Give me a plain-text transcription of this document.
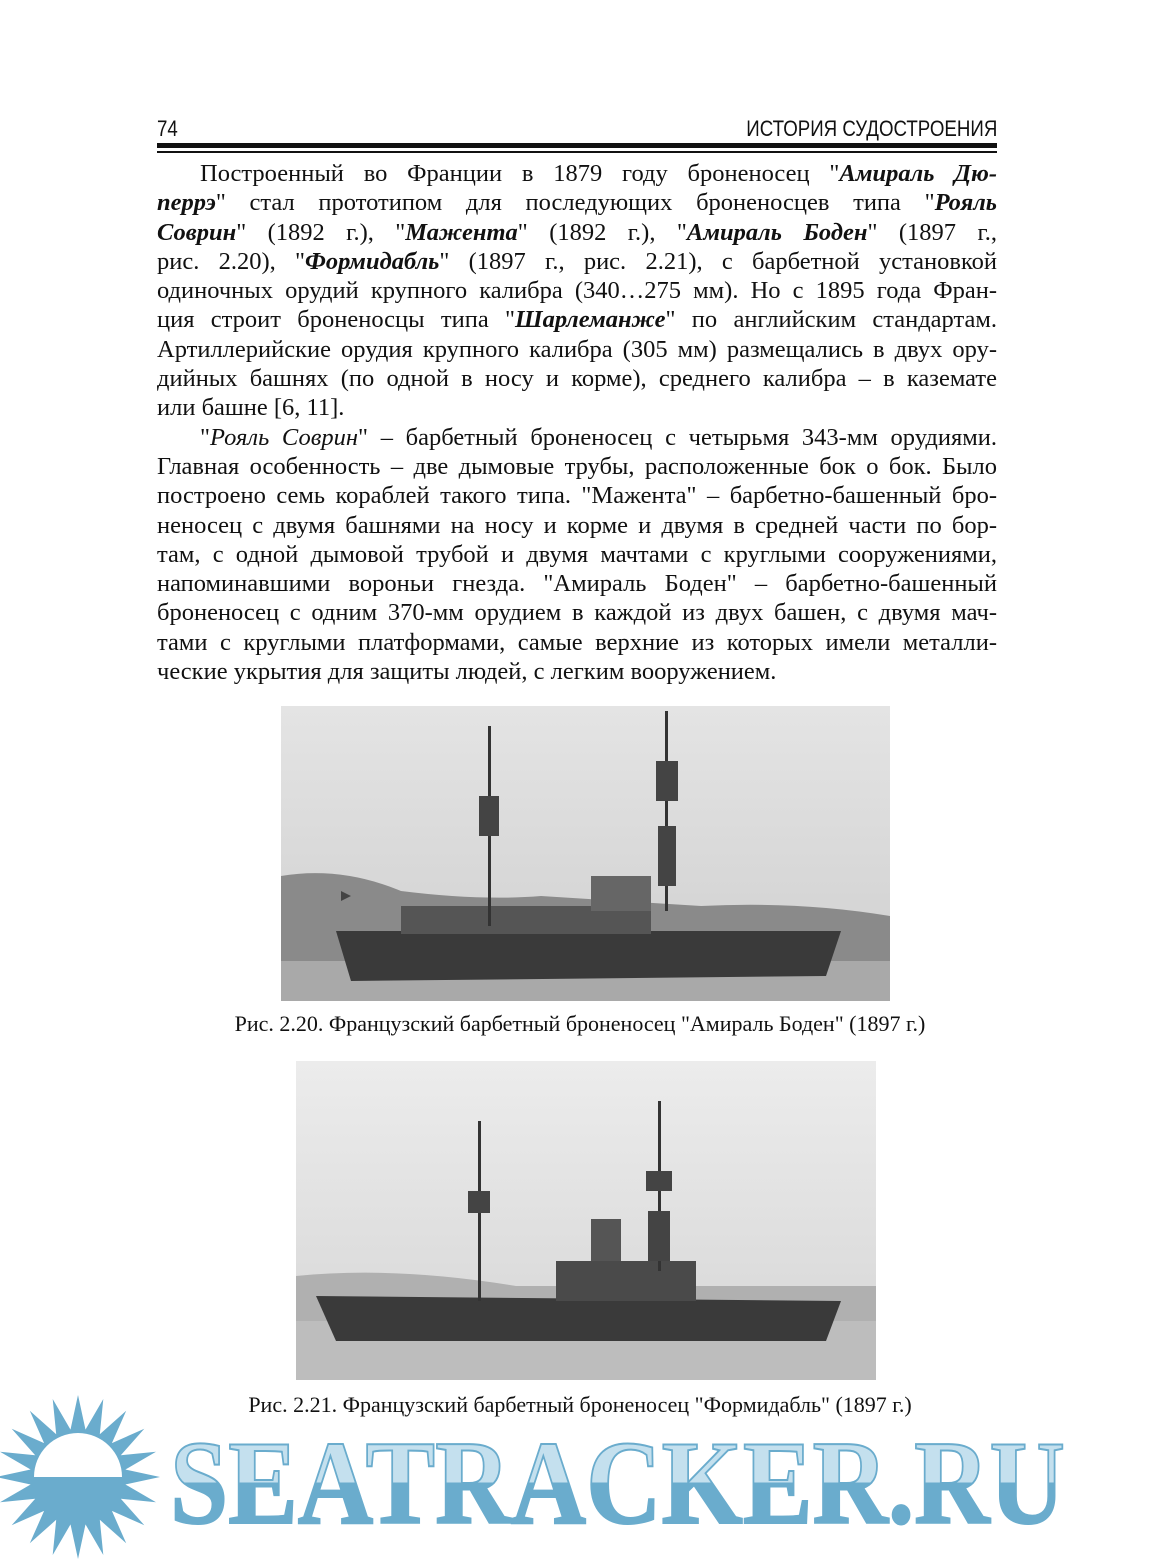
74	ИСТОРИЯ СУДОСТРОЕНИЯ
Построенный во Франции в 1879 году броненосец "Амираль Дю-
перрэ" стал прототипом для последующих броненосцев типа "Рояль
Соврин" (1892 г.), "Мажента" (1892 г.), "Амираль Боден" (1897 г.,
рис. 2.20), "Формидабль" (1897 г., рис. 2.21), с барбетной установкой
одиночных орудий крупного калибра (340…275 мм). Но с 1895 года Фран-
ция строит броненосцы типа "Шарлеманже" по английским стандартам.
Артиллерийские орудия крупного калибра (305 мм) размещались в двух ору-
дийных башнях (по одной в носу и корме), среднего калибра – в каземате
или башне [6, 11].
"Рояль Соврин" – барбетный броненосец с четырьмя 343-мм орудиями.
Главная особенность – две дымовые трубы, расположенные бок о бок. Было
построено семь кораблей такого типа. "Мажента" – барбетно-башенный бро-
неносец с двумя башнями на носу и корме и двумя в средней части по бор-
там, с одной дымовой трубой и двумя мачтами с круглыми сооружениями,
напоминавшими вороньи гнезда. "Амираль Боден" – барбетно-башенный
броненосец с одним 370-мм орудием в каждой из двух башен, с двумя мач-
тами с круглыми платформами, самые верхние из которых имели металли-
ческие укрытия для защиты людей, с легким вооружением.
Рис. 2.20. Французский барбетный броненосец "Амираль Боден" (1897 г.)
Рис. 2.21. Французский барбетный броненосец "Формидабль" (1897 г.)
SEATRACKER.RU
